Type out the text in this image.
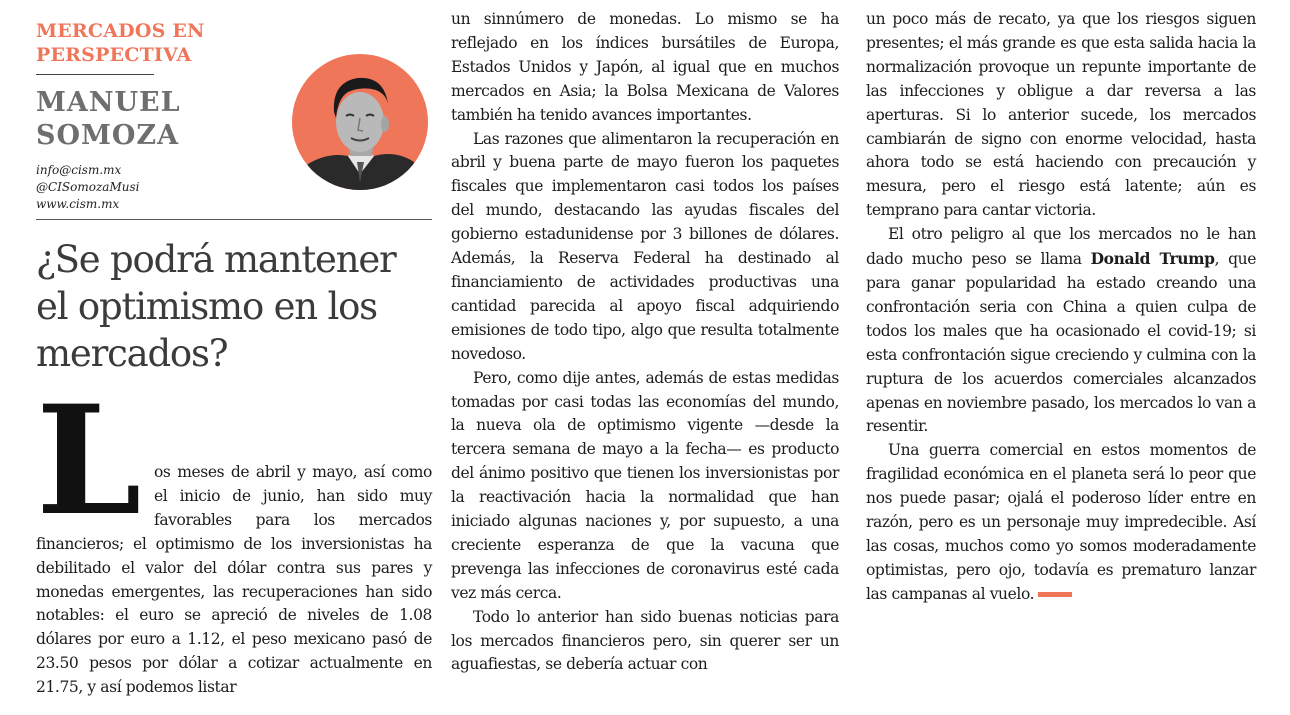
MERCADOS EN PERSPECTIVA
MANUEL
SOMOZA
info@cism.mx
@CISomozaMusi
www.cism.mx
¿Se podrá mantener el optimismo en los mercados?
L os meses de abril y mayo, así como el inicio de junio, han sido muy favorables para los mercados financieros; el optimismo de los inversionistas ha debilitado el valor del dólar contra sus pares y monedas emergentes, las recuperaciones han sido notables: el euro se apreció de niveles de 1.08 dólares por euro a 1.12, el peso mexicano pasó de 23.50 pesos por dólar a cotizar actualmente en 21.75, y así podemos listar

un sinnúmero de monedas. Lo mismo se ha reflejado en los índices bursátiles de Europa, Estados Unidos y Japón, al igual que en muchos mercados en Asia; la Bolsa Mexicana de Valores también ha tenido avances importantes.

Las razones que alimentaron la recuperación en abril y buena parte de mayo fueron los paquetes fiscales que implementaron casi todos los países del mundo, destacando las ayudas fiscales del gobierno estadunidense por 3 billones de dólares. Además, la Reserva Federal ha destinado al financiamiento de actividades productivas una cantidad parecida al apoyo fiscal adquiriendo emisiones de todo tipo, algo que resulta totalmente novedoso.

Pero, como dije antes, además de estas medidas tomadas por casi todas las economías del mundo, la nueva ola de optimismo vigente —desde la tercera semana de mayo a la fecha— es producto del ánimo positivo que tienen los inversionistas por la reactivación hacia la normalidad que han iniciado algunas naciones y, por supuesto, a una creciente esperanza de que la vacuna que prevenga las infecciones de coronavirus esté cada vez más cerca.

Todo lo anterior han sido buenas noticias para los mercados financieros pero, sin querer ser un aguafiestas, se debería actuar con

un poco más de recato, ya que los riesgos siguen presentes; el más grande es que esta salida hacia la normalización provoque un repunte importante de las infecciones y obligue a dar reversa a las aperturas. Si lo anterior sucede, los mercados cambiarán de signo con enorme velocidad, hasta ahora todo se está haciendo con precaución y mesura, pero el riesgo está latente; aún es temprano para cantar victoria.

El otro peligro al que los mercados no le han dado mucho peso se llama Donald Trump, que para ganar popularidad ha estado creando una confrontación seria con China a quien culpa de todos los males que ha ocasionado el covid-19; si esta confrontación sigue creciendo y culmina con la ruptura de los acuerdos comerciales alcanzados apenas en noviembre pasado, los mercados lo van a resentir.

Una guerra comercial en estos momentos de fragilidad económica en el planeta será lo peor que nos puede pasar; ojalá el poderoso líder entre en razón, pero es un personaje muy impredecible. Así las cosas, muchos como yo somos moderadamente optimistas, pero ojo, todavía es prematuro lanzar las campanas al vuelo.
